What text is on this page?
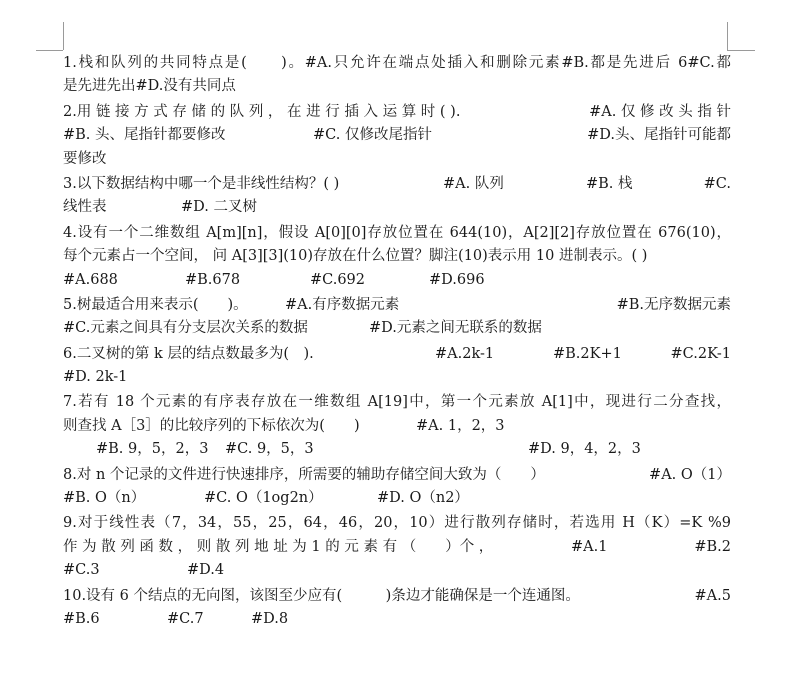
1.栈和队列的共同特点是(　　)。#A.只允许在端点处插入和删除元素#B.都是先进后 6#C.都
是先进先出#D.没有共同点
2.用 链 接 方 式 存 储 的 队 列 ， 在 进 行 插 入 运 算 时 ( ).	#A. 仅 修 改 头 指 针
#B. 头、尾指针都要修改	#C. 仅修改尾指针	#D.头、尾指针可能都
要修改
3.以下数据结构中哪一个是非线性结构？( )	#A. 队列	#B. 栈	#C.
线性表	#D. 二叉树
4.设有一个二维数组 A[m][n]，假设 A[0][0]存放位置在 644(10)，A[2][2]存放位置在 676(10)，
每个元素占一个空间， 问 A[3][3](10)存放在什么位置？脚注(10)表示用 10 进制表示。( )
#A.688	#B.678	#C.692	#D.696
5.树最适合用来表示(　　)。	#A.有序数据元素	#B.无序数据元素
#C.元素之间具有分支层次关系的数据	#D.元素之间无联系的数据
6.二叉树的第 k 层的结点数最多为(　).	#A.2k-1	#B.2K+1	#C.2K-1
#D. 2k-1
7.若有 18 个元素的有序表存放在一维数组 A[19]中，第一个元素放 A[1]中，现进行二分查找，
则查找 A［3］的比较序列的下标依次为(　　)	#A. 1，2，3
#B. 9，5，2，3 #C. 9，5，3	#D. 9，4，2，3
8.对 n 个记录的文件进行快速排序，所需要的辅助存储空间大致为（　　）	#A. O（1）
#B. O（n）	#C. O（1og2n）	#D. O（n2）
9.对于线性表（7，34，55，25，64，46，20，10）进行散列存储时，若选用 H（K）=K %9
作 为 散 列 函 数 ， 则 散 列 地 址 为 1 的 元 素 有 （　　）个 ，	#A.1	#B.2
#C.3	#D.4
10.设有 6 个结点的无向图，该图至少应有(　　　)条边才能确保是一个连通图。	#A.5
#B.6	#C.7	#D.8
